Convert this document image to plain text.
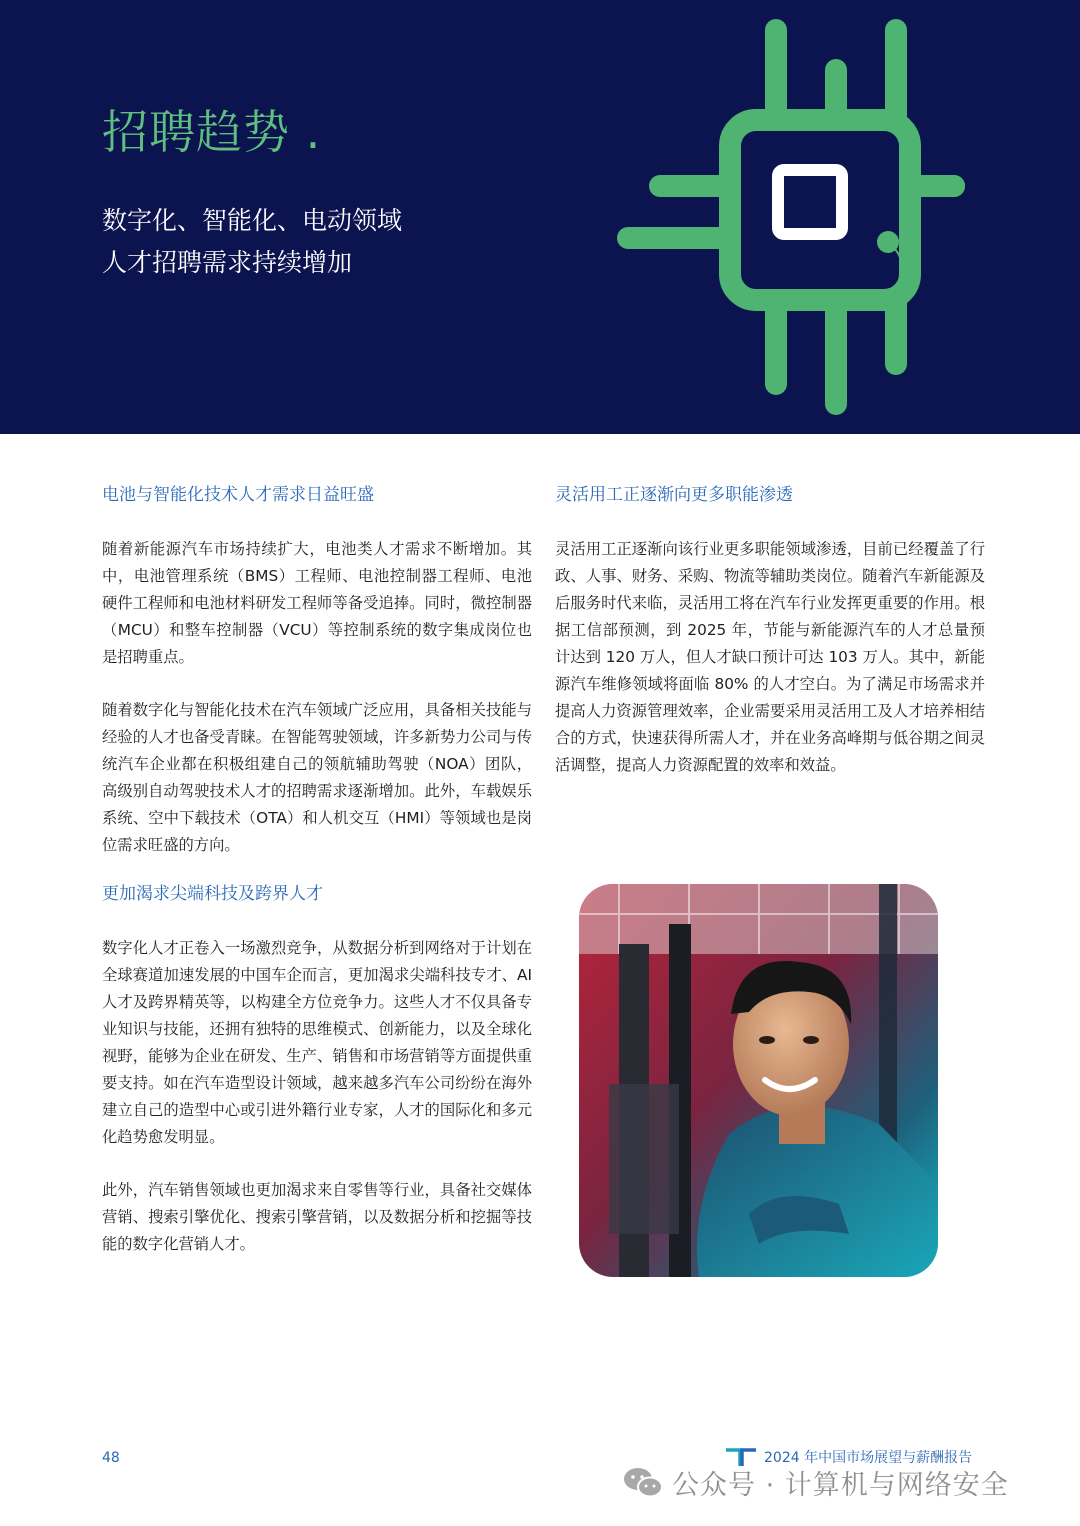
招聘趋势 .
数字化、智能化、电动领域
人才招聘需求持续增加
电池与智能化技术人才需求日益旺盛

随着新能源汽车市场持续扩大，电池类人才需求不断增加。其中，电池管理系统（BMS）工程师、电池控制器工程师、电池硬件工程师和电池材料研发工程师等备受追捧。同时，微控制器（MCU）和整车控制器（VCU）等控制系统的数字集成岗位也是招聘重点。

随着数字化与智能化技术在汽车领域广泛应用，具备相关技能与经验的人才也备受青睐。在智能驾驶领域，许多新势力公司与传统汽车企业都在积极组建自己的领航辅助驾驶（NOA）团队，高级别自动驾驶技术人才的招聘需求逐渐增加。此外，车载娱乐系统、空中下载技术（OTA）和人机交互（HMI）等领域也是岗位需求旺盛的方向。

更加渴求尖端科技及跨界人才

数字化人才正卷入一场激烈竞争，从数据分析到网络对于计划在全球赛道加速发展的中国车企而言，更加渴求尖端科技专才、AI 人才及跨界精英等，以构建全方位竞争力。这些人才不仅具备专业知识与技能，还拥有独特的思维模式、创新能力，以及全球化视野，能够为企业在研发、生产、销售和市场营销等方面提供重要支持。如在汽车造型设计领域，越来越多汽车公司纷纷在海外建立自己的造型中心或引进外籍行业专家，人才的国际化和多元化趋势愈发明显。

此外，汽车销售领域也更加渴求来自零售等行业，具备社交媒体营销、搜索引擎优化、搜索引擎营销，以及数据分析和挖掘等技能的数字化营销人才。

灵活用工正逐渐向更多职能渗透

灵活用工正逐渐向该行业更多职能领域渗透，目前已经覆盖了行政、人事、财务、采购、物流等辅助类岗位。随着汽车新能源及后服务时代来临，灵活用工将在汽车行业发挥更重要的作用。根据工信部预测，到 2025 年，节能与新能源汽车的人才总量预计达到 120 万人，但人才缺口预计可达 103 万人。其中，新能源汽车维修领域将面临 80% 的人才空白。为了满足市场需求并提高人力资源管理效率，企业需要采用灵活用工及人才培养相结合的方式，快速获得所需人才，并在业务高峰期与低谷期之间灵活调整，提高人力资源配置的效率和效益。

48	2024 年中国市场展望与薪酬报告
公众号 · 计算机与网络安全
